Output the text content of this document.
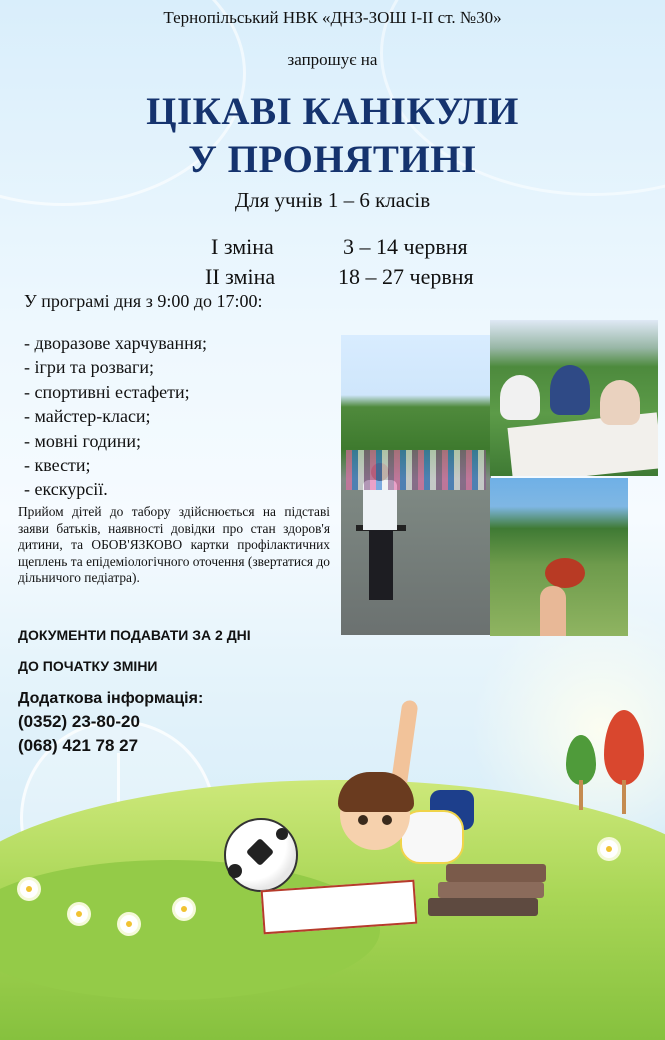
Тернопільський НВК «ДНЗ-ЗОШ І-ІІ ст. №30»
запрошує на
ЦІКАВІ КАНІКУЛИ
У ПРОНЯТИНІ
Для учнів 1 – 6 класів
І зміна	3 – 14 червня
ІІ зміна	18 – 27 червня
У програмі дня з 9:00 до 17:00:
- дворазове харчування;
- ігри та розваги;
- спортивні естафети;
- майстер-класи;
- мовні години;
- квести;
- екскурсії.
Прийом дітей до табору здійснюється на підставі заяви батьків, наявності довідки про стан здоров'я дитини, та ОБОВ'ЯЗКОВО картки профілактичних щеплень та епідеміологічного оточення (звертатися до дільничого педіатра).
ДОКУМЕНТИ ПОДАВАТИ ЗА 2 ДНІ
ДО ПОЧАТКУ ЗМІНИ
Додаткова інформація:
(0352) 23-80-20
(068) 421 78 27
